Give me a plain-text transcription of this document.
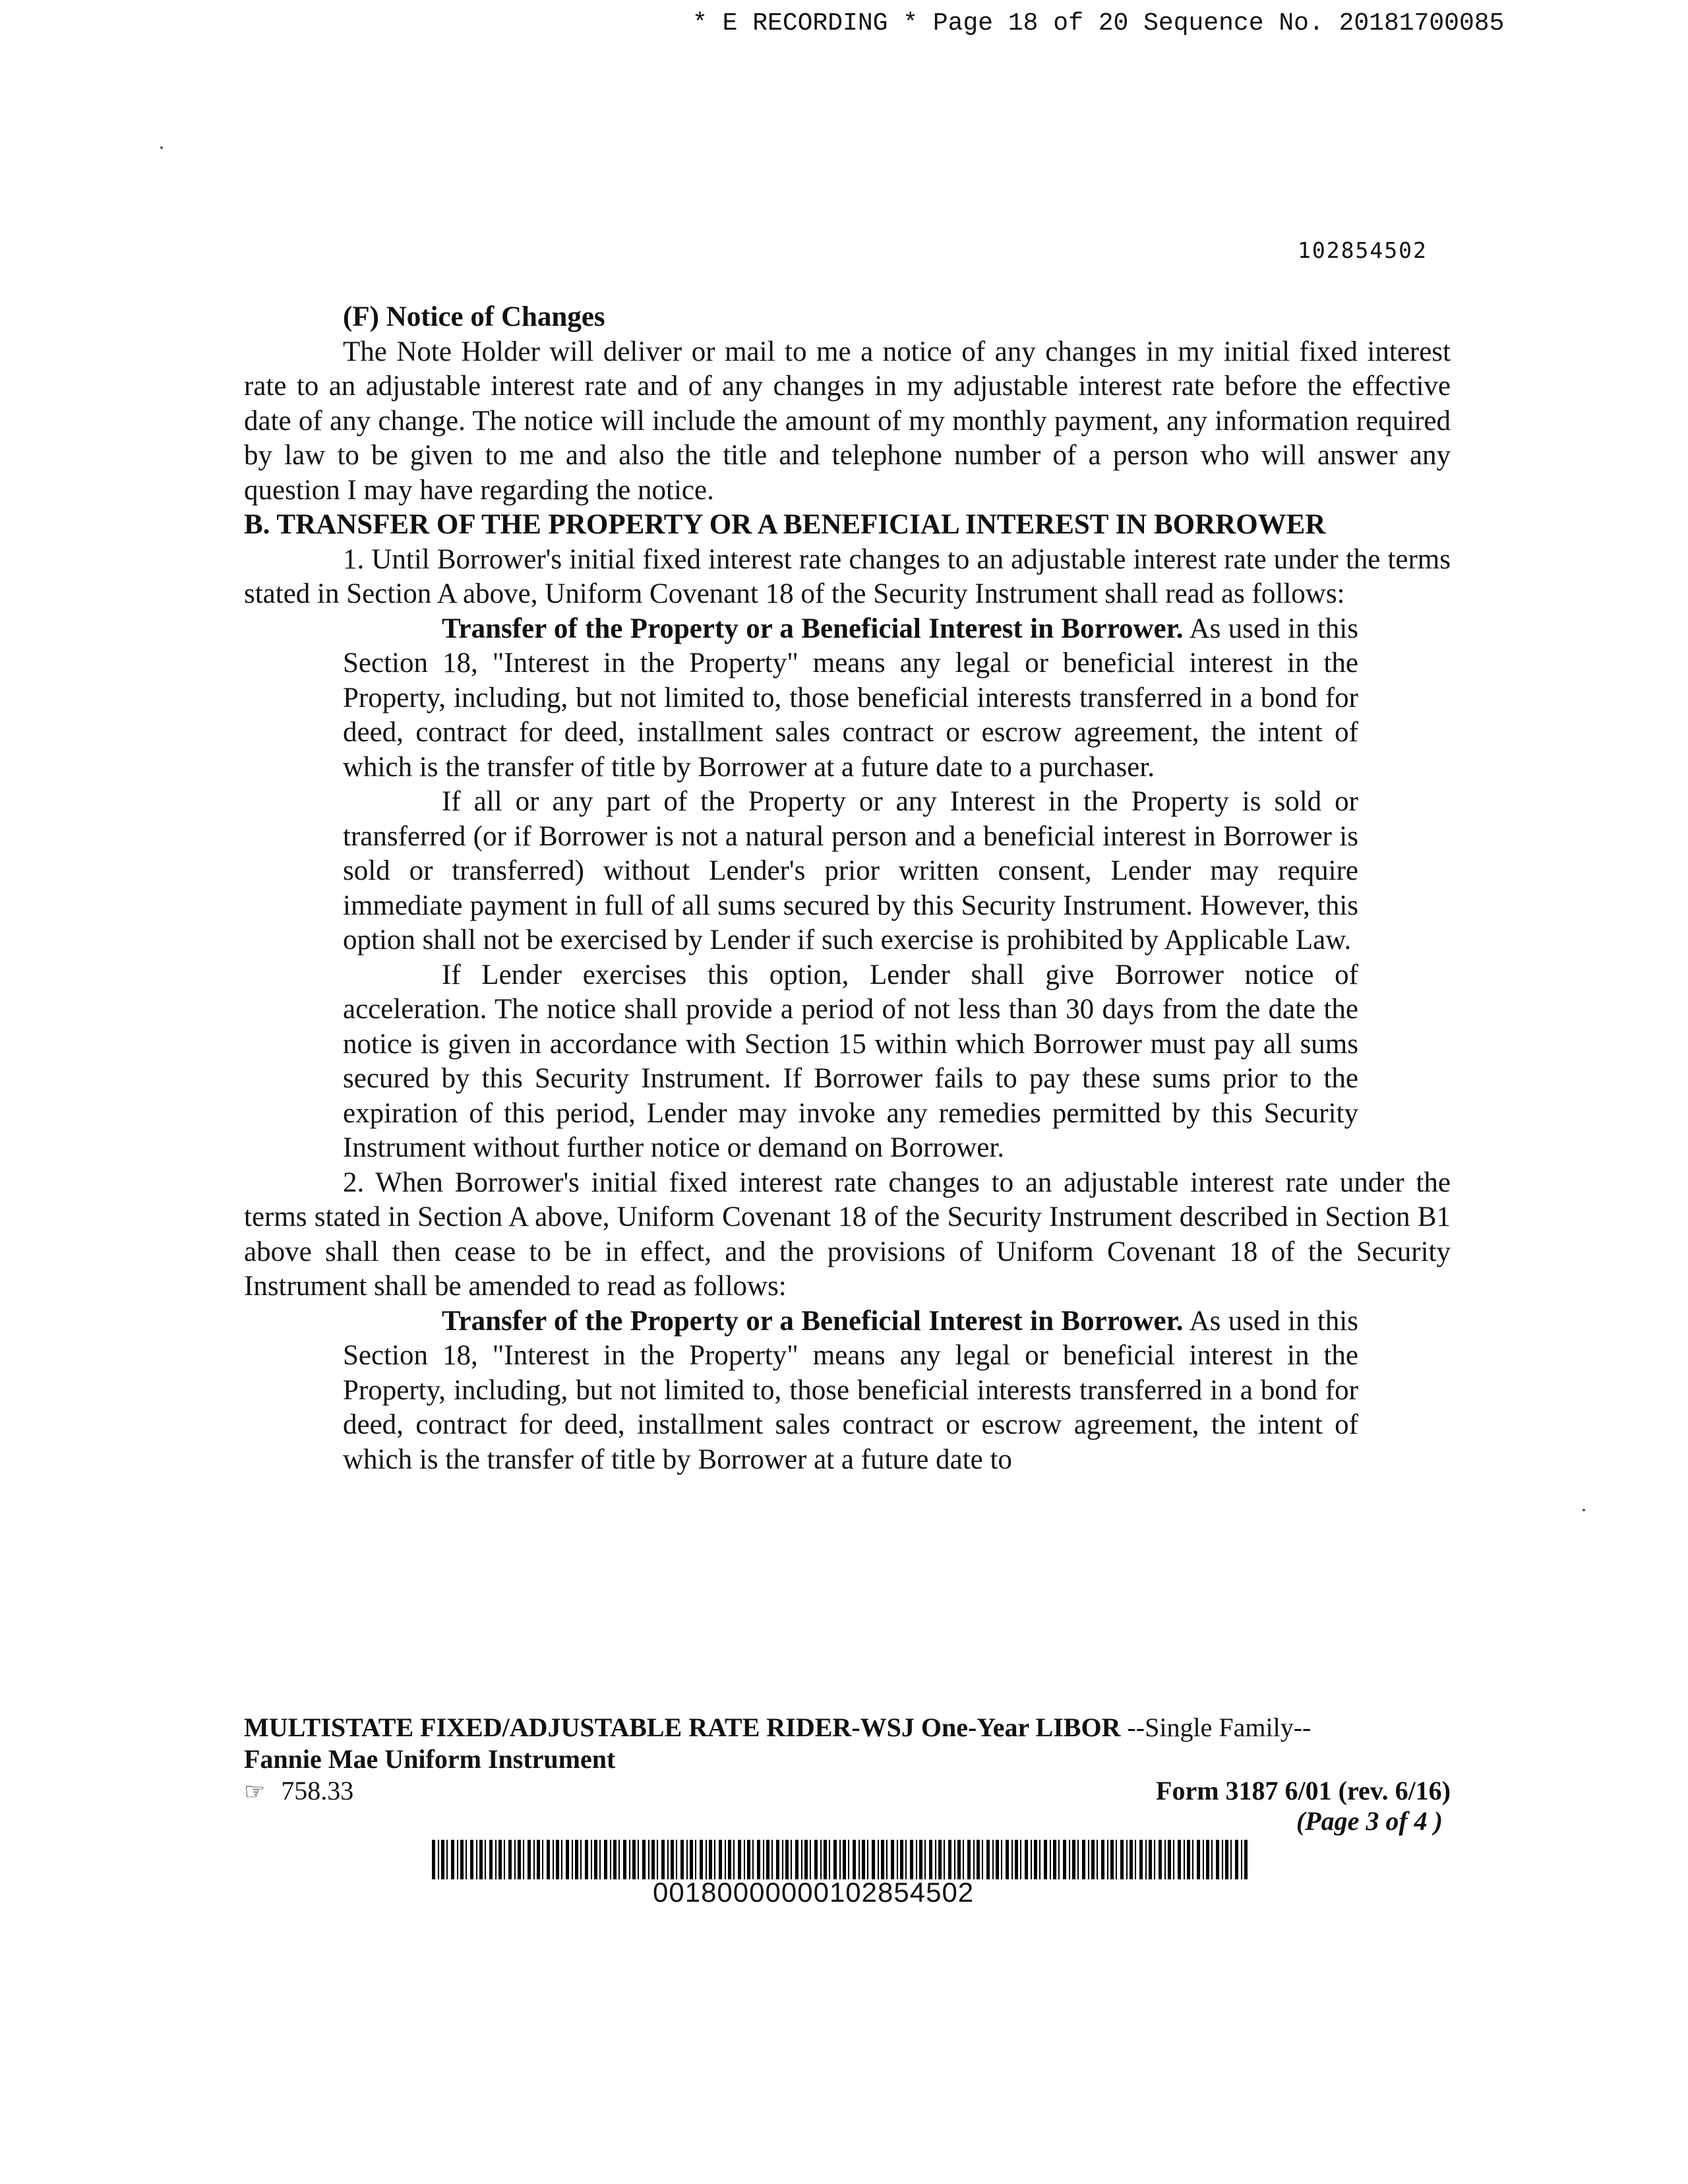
* E RECORDING * Page 18 of 20 Sequence No. 20181700085
102854502

(F) Notice of Changes

The Note Holder will deliver or mail to me a notice of any changes in my initial fixed interest rate to an adjustable interest rate and of any changes in my adjustable interest rate before the effective date of any change. The notice will include the amount of my monthly payment, any information required by law to be given to me and also the title and telephone number of a person who will answer any question I may have regarding the notice.

B. TRANSFER OF THE PROPERTY OR A BENEFICIAL INTEREST IN BORROWER

1. Until Borrower's initial fixed interest rate changes to an adjustable interest rate under the terms stated in Section A above, Uniform Covenant 18 of the Security Instrument shall read as follows:

Transfer of the Property or a Beneficial Interest in Borrower. As used in this Section 18, "Interest in the Property" means any legal or beneficial interest in the Property, including, but not limited to, those beneficial interests transferred in a bond for deed, contract for deed, installment sales contract or escrow agreement, the intent of which is the transfer of title by Borrower at a future date to a purchaser.

If all or any part of the Property or any Interest in the Property is sold or transferred (or if Borrower is not a natural person and a beneficial interest in Borrower is sold or transferred) without Lender's prior written consent, Lender may require immediate payment in full of all sums secured by this Security Instrument. However, this option shall not be exercised by Lender if such exercise is prohibited by Applicable Law.

If Lender exercises this option, Lender shall give Borrower notice of acceleration. The notice shall provide a period of not less than 30 days from the date the notice is given in accordance with Section 15 within which Borrower must pay all sums secured by this Security Instrument. If Borrower fails to pay these sums prior to the expiration of this period, Lender may invoke any remedies permitted by this Security Instrument without further notice or demand on Borrower.

2. When Borrower's initial fixed interest rate changes to an adjustable interest rate under the terms stated in Section A above, Uniform Covenant 18 of the Security Instrument described in Section B1 above shall then cease to be in effect, and the provisions of Uniform Covenant 18 of the Security Instrument shall be amended to read as follows:

Transfer of the Property or a Beneficial Interest in Borrower. As used in this Section 18, "Interest in the Property" means any legal or beneficial interest in the Property, including, but not limited to, those beneficial interests transferred in a bond for deed, contract for deed, installment sales contract or escrow agreement, the intent of which is the transfer of title by Borrower at a future date to

MULTISTATE FIXED/ADJUSTABLE RATE RIDER-WSJ One-Year LIBOR --Single Family--
Fannie Mae Uniform Instrument
☞ 758.33	Form 3187 6/01 (rev. 6/16)
(Page 3 of 4 )
00180000000102854502
